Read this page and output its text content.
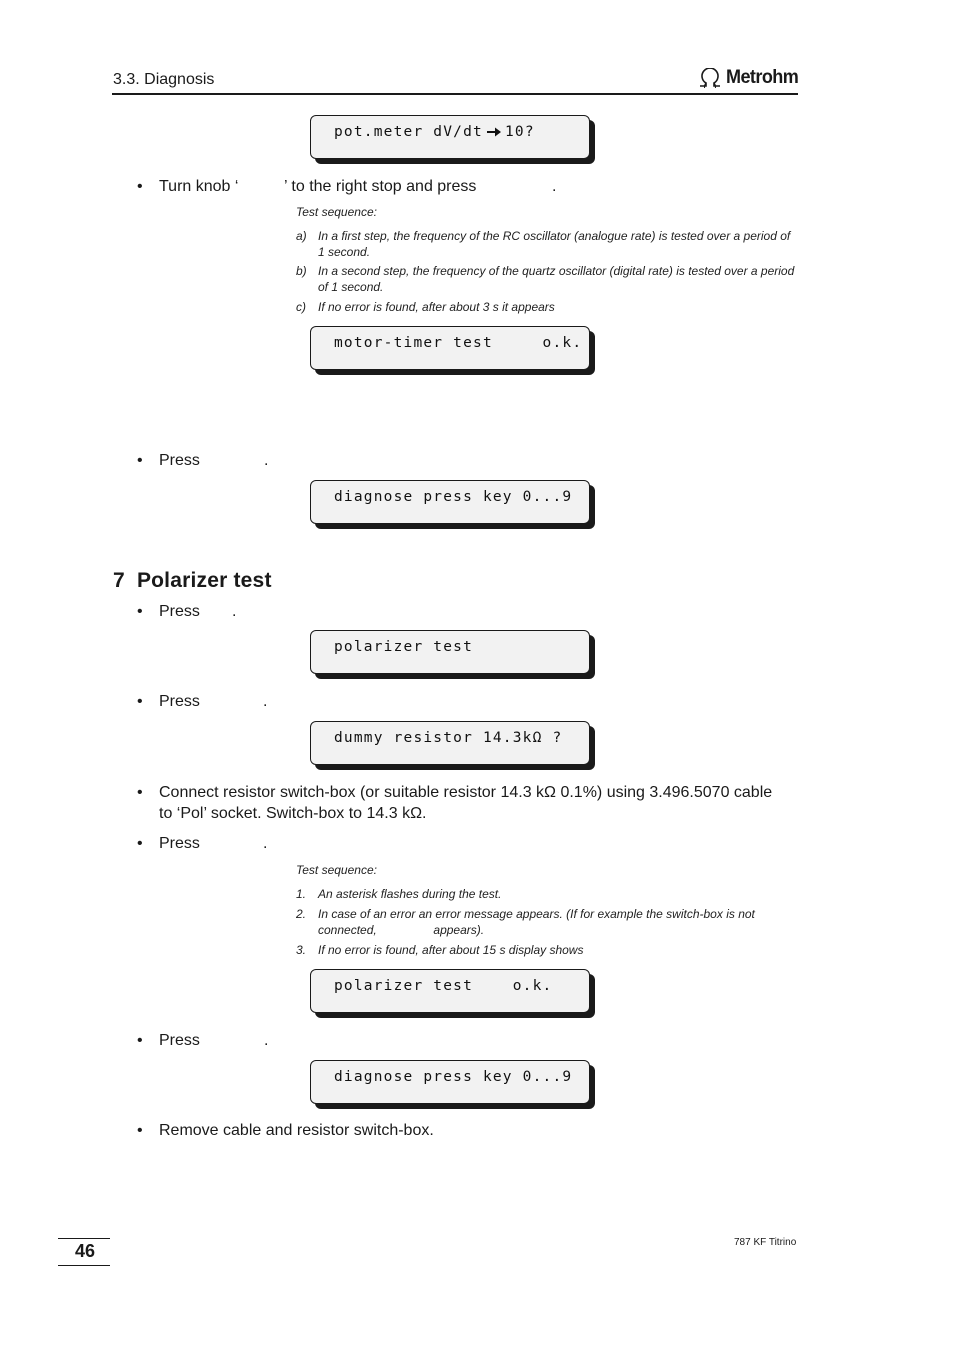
3.3. Diagnosis	Metrohm
pot.meter dV/dt 10?
• Turn knob ‘	’ to the right stop and press	.
Test sequence:
a) In a first step, the frequency of the RC oscillator (analogue rate) is tested over a period of 1 second.
b) In a second step, the frequency of the quartz oscillator (digital rate) is tested over a period of 1 second.
c) If no error is found, after about 3 s it appears
motor-timer test     o.k.
• Press	.
diagnose press key 0...9
7  Polarizer test
• Press .
polarizer test
• Press	.
dummy resistor 14.3kΩ ?
• Connect resistor switch-box (or suitable resistor 14.3 kΩ 0.1%) using 3.496.5070 cable to ‘Pol’ socket. Switch-box to 14.3 kΩ.
• Press	.
Test sequence:
1. An asterisk flashes during the test.
2. In case of an error an error message appears. (If for example the switch-box is not connected,                 appears).
3. If no error is found, after about 15 s display shows
polarizer test    o.k.
• Press	.
diagnose press key 0...9
• Remove cable and resistor switch-box.
46	787 KF Titrino
